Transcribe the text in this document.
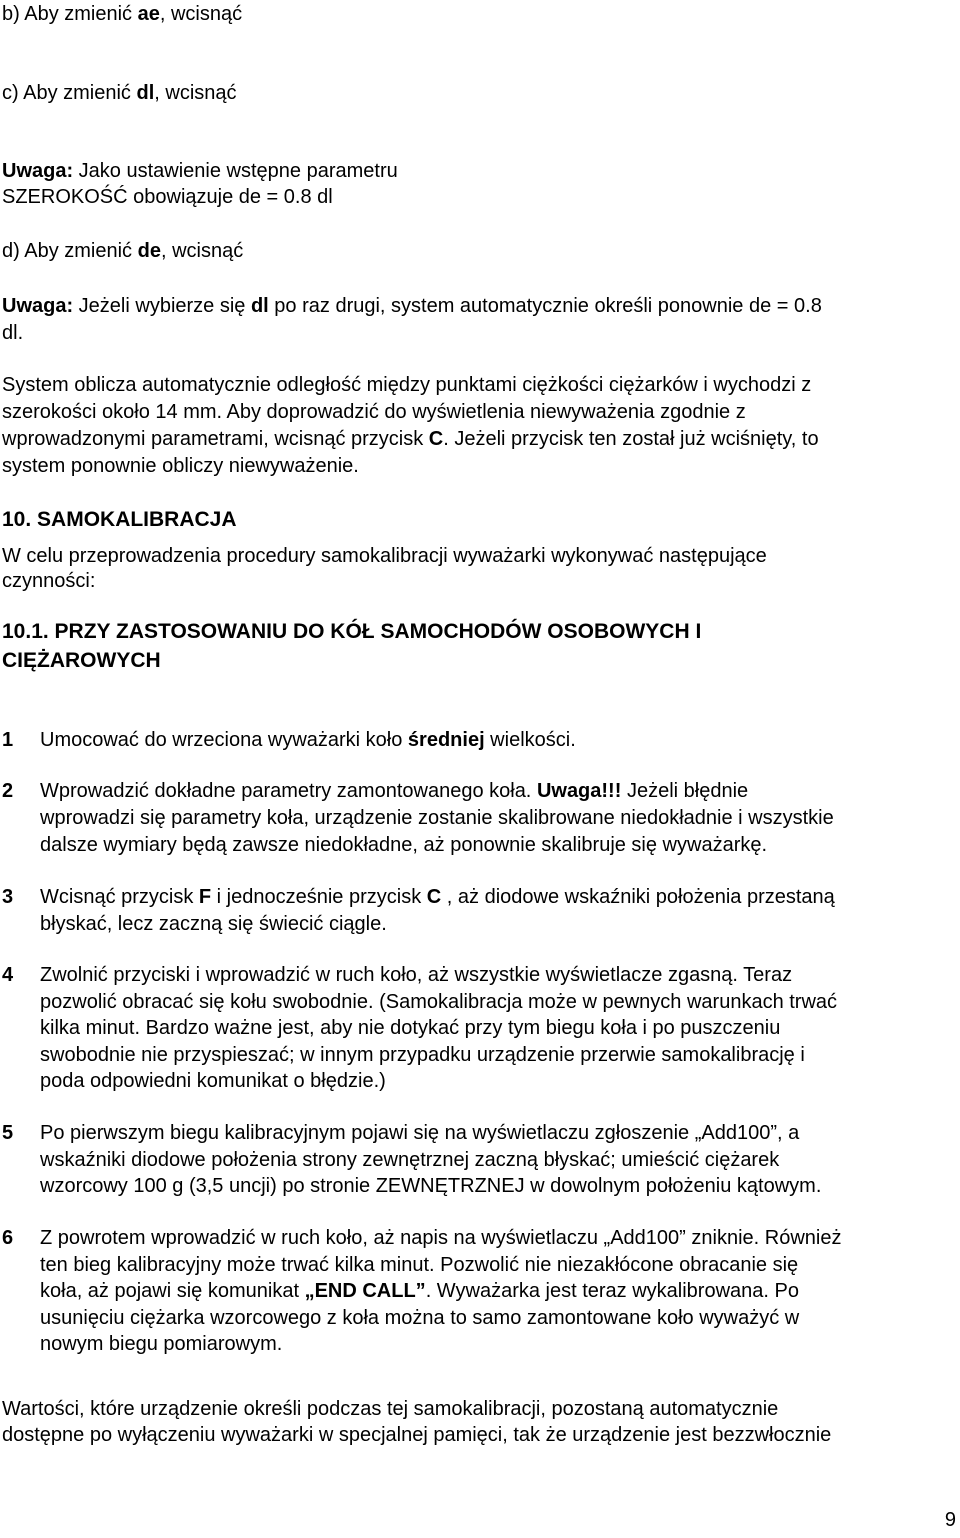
b) Aby zmienić ae, wcisnąć
c) Aby zmienić dl, wcisnąć
Uwaga: Jako ustawienie wstępne parametru
SZEROKOŚĆ obowiązuje de = 0.8 dl
d) Aby zmienić de, wcisnąć
Uwaga: Jeżeli wybierze się dl po raz drugi, system automatycznie określi ponownie de = 0.8
dl.
System oblicza automatycznie odległość między punktami ciężkości ciężarków i wychodzi z
szerokości około 14 mm. Aby doprowadzić do wyświetlenia niewyważenia zgodnie z
wprowadzonymi parametrami, wcisnąć przycisk C. Jeżeli przycisk ten został już wciśnięty, to
system ponownie obliczy niewyważenie.
10. SAMOKALIBRACJA
W celu przeprowadzenia procedury samokalibracji wyważarki wykonywać następujące
czynności:
10.1. PRZY ZASTOSOWANIU DO KÓŁ SAMOCHODÓW OSOBOWYCH I
CIĘŻAROWYCH
1 Umocować do wrzeciona wyważarki koło średniej wielkości.
2 Wprowadzić dokładne parametry zamontowanego koła. Uwaga!!! Jeżeli błędnie
wprowadzi się parametry koła, urządzenie zostanie skalibrowane niedokładnie i wszystkie
dalsze wymiary będą zawsze niedokładne, aż ponownie skalibruje się wyważarkę.
3 Wcisnąć przycisk F i jednocześnie przycisk C , aż diodowe wskaźniki położenia przestaną
błyskać, lecz zaczną się świecić ciągle.
4 Zwolnić przyciski i wprowadzić w ruch koło, aż wszystkie wyświetlacze zgasną. Teraz
pozwolić obracać się kołu swobodnie. (Samokalibracja może w pewnych warunkach trwać
kilka minut. Bardzo ważne jest, aby nie dotykać przy tym biegu koła i po puszczeniu
swobodnie nie przyspieszać; w innym przypadku urządzenie przerwie samokalibrację i
poda odpowiedni komunikat o błędzie.)
5 Po pierwszym biegu kalibracyjnym pojawi się na wyświetlaczu zgłoszenie „Add100”, a
wskaźniki diodowe położenia strony zewnętrznej zaczną błyskać; umieścić ciężarek
wzorcowy 100 g (3,5 uncji) po stronie ZEWNĘTRZNEJ w dowolnym położeniu kątowym.
6 Z powrotem wprowadzić w ruch koło, aż napis na wyświetlaczu „Add100” zniknie. Również
ten bieg kalibracyjny może trwać kilka minut. Pozwolić nie niezakłócone obracanie się
koła, aż pojawi się komunikat „END CALL”. Wyważarka jest teraz wykalibrowana. Po
usunięciu ciężarka wzorcowego z koła można to samo zamontowane koło wyważyć w
nowym biegu pomiarowym.
Wartości, które urządzenie określi podczas tej samokalibracji, pozostaną automatycznie
dostępne po wyłączeniu wyważarki w specjalnej pamięci, tak że urządzenie jest bezzwłocznie
9
